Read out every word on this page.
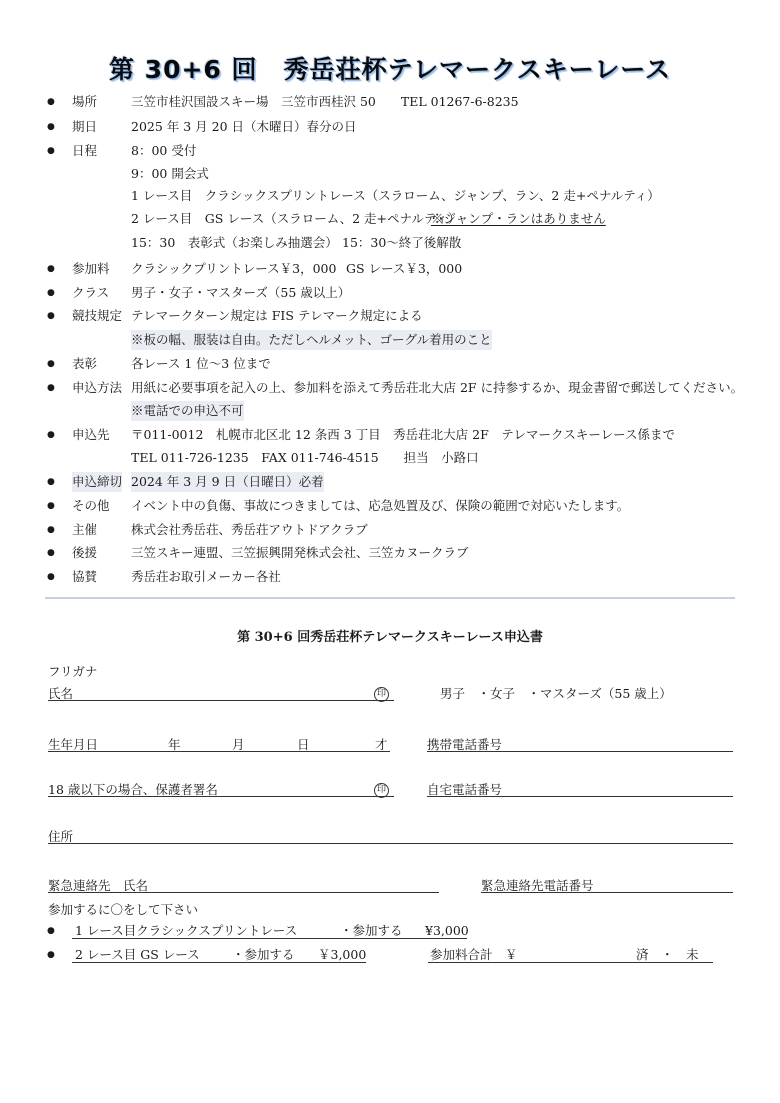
第 30+6 回　秀岳荘杯テレマークスキーレース
● 場所	三笠市桂沢国設スキー場　三笠市西桂沢 50　　TEL 01267-6-8235
● 期日	2025 年 3 月 20 日（木曜日）春分の日
● 日程	8：00 受付
9：00 開会式
1 レース目　クラシックスプリントレース（スラローム、ジャンプ、ラン、2 走+ペナルティ）
2 レース目　GS レース（スラローム、2 走+ペナルティ）
※ジャンプ・ランはありません
15：30　表彰式（お楽しみ抽選会） 15：30～終了後解散
● 参加料 クラシックプリントレース￥3，000 GS レース￥3，000
● クラス 男子・女子・マスターズ（55 歳以上）
● 競技規定 テレマークターン規定は FIS テレマーク規定による
※板の幅、服装は自由。ただしヘルメット、ゴーグル着用のこと
● 表彰	各レース 1 位～3 位まで
● 申込方法 用紙に必要事項を記入の上、参加料を添えて秀岳荘北大店 2F に持参するか、現金書留で郵送してください。
※電話での申込不可
● 申込先 〒011-0012　札幌市北区北 12 条西 3 丁目　秀岳荘北大店 2F　テレマークスキーレース係まで
TEL 011-726-1235　FAX 011-746-4515　　担当　小路口
● 申込締切 2024 年 3 月 9 日（日曜日）必着
● その他 イベント中の負傷、事故につきましては、応急処置及び、保険の範囲で対応いたします。
● 主催	株式会社秀岳荘、秀岳荘アウトドアクラブ
● 後援	三笠スキー連盟、三笠振興開発株式会社、三笠カヌークラブ
● 協賛	秀岳荘お取引メーカー各社
第 30+6 回秀岳荘杯テレマークスキーレース申込書
フリガナ
氏名	印	男子　・女子　・マスターズ（55 歳上）
生年月日	年	月	日	才	携帯電話番号
18 歳以下の場合、保護者署名	印	自宅電話番号
住所
緊急連絡先　氏名	緊急連絡先電話番号
参加するに〇をして下さい
● 1 レース目クラシックスプリントレース	・参加する ¥3,000
● 2 レース目 GS レース	・参加する ￥3,000	参加料合計　￥	済　・　未
